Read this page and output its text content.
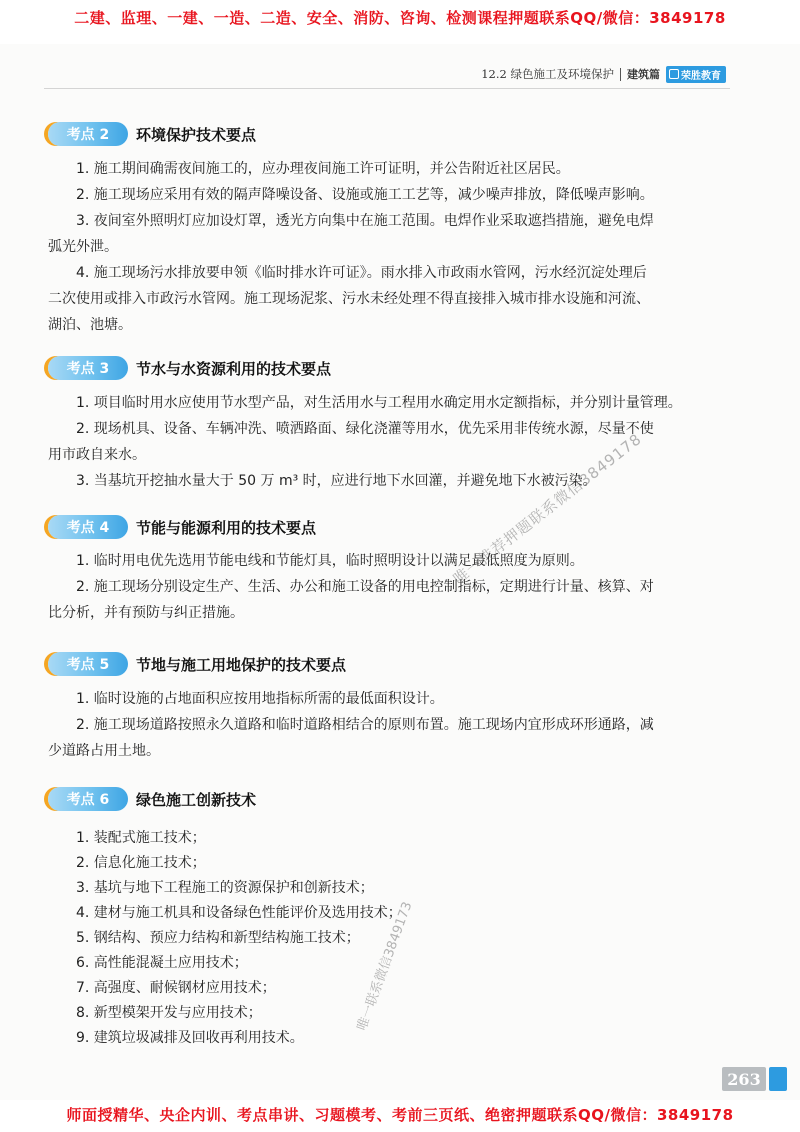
二建、监理、一建、一造、二造、安全、消防、咨询、检测课程押题联系QQ/微信：3849178
12.2 绿色施工及环境保护 建筑篇 荣胜教育
考点 2	环境保护技术要点
1. 施工期间确需夜间施工的，应办理夜间施工许可证明，并公告附近社区居民。
2. 施工现场应采用有效的隔声降噪设备、设施或施工工艺等，减少噪声排放，降低噪声影响。
3. 夜间室外照明灯应加设灯罩，透光方向集中在施工范围。电焊作业采取遮挡措施，避免电焊
弧光外泄。
4. 施工现场污水排放要申领《临时排水许可证》。雨水排入市政雨水管网，污水经沉淀处理后
二次使用或排入市政污水管网。施工现场泥浆、污水未经处理不得直接排入城市排水设施和河流、
湖泊、池塘。
考点 3	节水与水资源利用的技术要点
1. 项目临时用水应使用节水型产品，对生活用水与工程用水确定用水定额指标，并分别计量管理。
2. 现场机具、设备、车辆冲洗、喷洒路面、绿化浇灌等用水，优先采用非传统水源，尽量不使
用市政自来水。
3. 当基坑开挖抽水量大于 50 万 m³ 时，应进行地下水回灌，并避免地下水被污染。
考点 4	节能与能源利用的技术要点
1. 临时用电优先选用节能电线和节能灯具，临时照明设计以满足最低照度为原则。
2. 施工现场分别设定生产、生活、办公和施工设备的用电控制指标，定期进行计量、核算、对
比分析，并有预防与纠正措施。
考点 5	节地与施工用地保护的技术要点
1. 临时设施的占地面积应按用地指标所需的最低面积设计。
2. 施工现场道路按照永久道路和临时道路相结合的原则布置。施工现场内宜形成环形通路，减
少道路占用土地。
考点 6	绿色施工创新技术
1. 装配式施工技术；
2. 信息化施工技术；
3. 基坑与地下工程施工的资源保护和创新技术；
4. 建材与施工机具和设备绿色性能评价及选用技术；
5. 钢结构、预应力结构和新型结构施工技术；
6. 高性能混凝土应用技术；
7. 高强度、耐候钢材应用技术；
8. 新型模架开发与应用技术；
9. 建筑垃圾减排及回收再利用技术。
唯一推荐押题联系微信3849178
唯一联系微信3849173
263
师面授精华、央企内训、考点串讲、习题模考、考前三页纸、绝密押题联系QQ/微信：3849178
